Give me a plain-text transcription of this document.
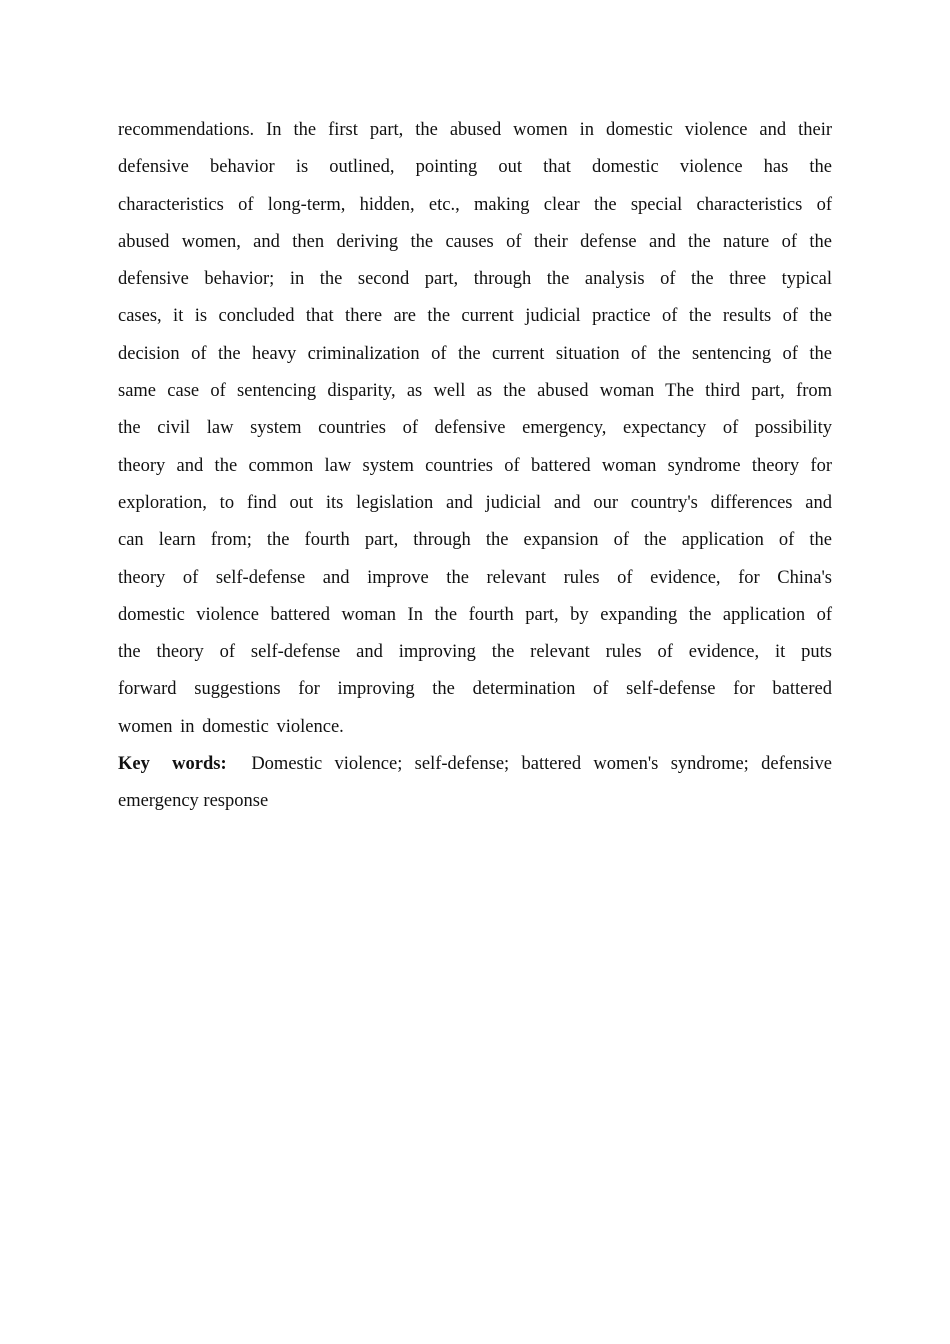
recommendations. In the first part, the abused women in domestic violence and their
defensive behavior is outlined, pointing out that domestic violence has the
characteristics of long-term, hidden, etc., making clear the special characteristics of
abused women, and then deriving the causes of their defense and the nature of the
defensive behavior; in the second part, through the analysis of the three typical
cases, it is concluded that there are the current judicial practice of the results of the
decision of the heavy criminalization of the current situation of the sentencing of the
same case of sentencing disparity, as well as the abused woman The third part, from
the civil law system countries of defensive emergency, expectancy of possibility
theory and the common law system countries of battered woman syndrome theory for
exploration, to find out its legislation and judicial and our country's differences and
can learn from; the fourth part, through the expansion of the application of the
theory of self-defense and improve the relevant rules of evidence, for China's
domestic violence battered woman In the fourth part, by expanding the application of
the theory of self-defense and improving the relevant rules of evidence, it puts
forward suggestions for improving the determination of self-defense for battered
women in domestic violence.
Key words: Domestic violence; self-defense; battered women's syndrome; defensive
emergency response
